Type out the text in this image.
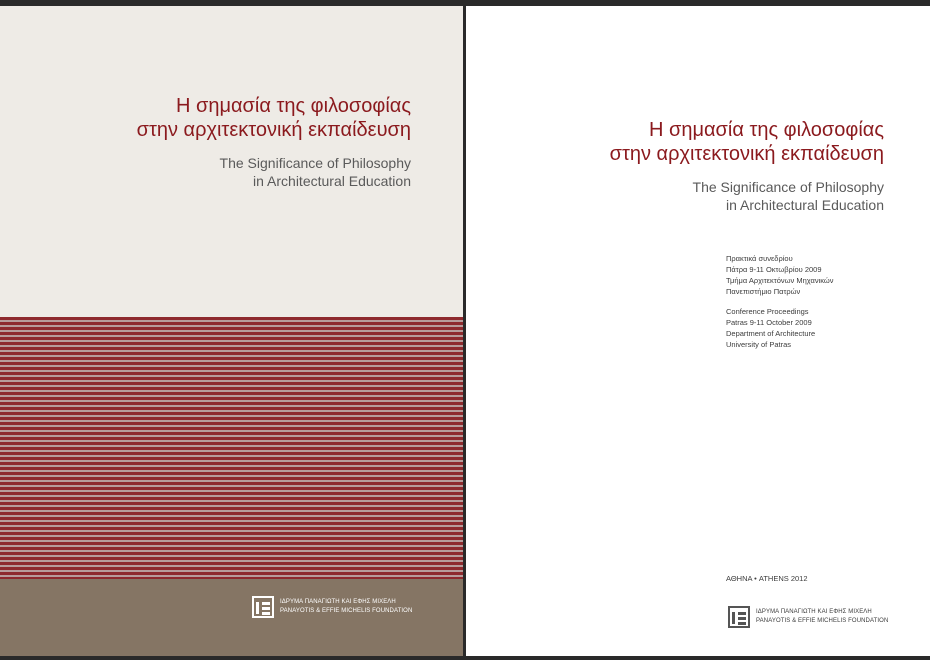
Η σημασία της φιλοσοφίας
στην αρχιτεκτονική εκπαίδευση

The Significance of Philosophy
in Architectural Education

ΙΔΡΥΜΑ ΠΑΝΑΓΙΩΤΗ ΚΑΙ ΕΦΗΣ ΜΙΧΕΛΗ
PANAYOTIS & EFFIE MICHELIS FOUNDATION

Η σημασία της φιλοσοφίας
στην αρχιτεκτονική εκπαίδευση

The Significance of Philosophy
in Architectural Education

Πρακτικά συνεδρίου

Πάτρα 9-11 Οκτωβρίου 2009

Τμήμα Αρχιτεκτόνων Μηχανικών

Πανεπιστήμιο Πατρών

Conference Proceedings

Patras 9-11 October 2009

Department of Architecture

University of Patras

ΑΘΗΝΑ • ATHENS 2012
ΙΔΡΥΜΑ ΠΑΝΑΓΙΩΤΗ ΚΑΙ ΕΦΗΣ ΜΙΧΕΛΗ
PANAYOTIS & EFFIE MICHELIS FOUNDATION
